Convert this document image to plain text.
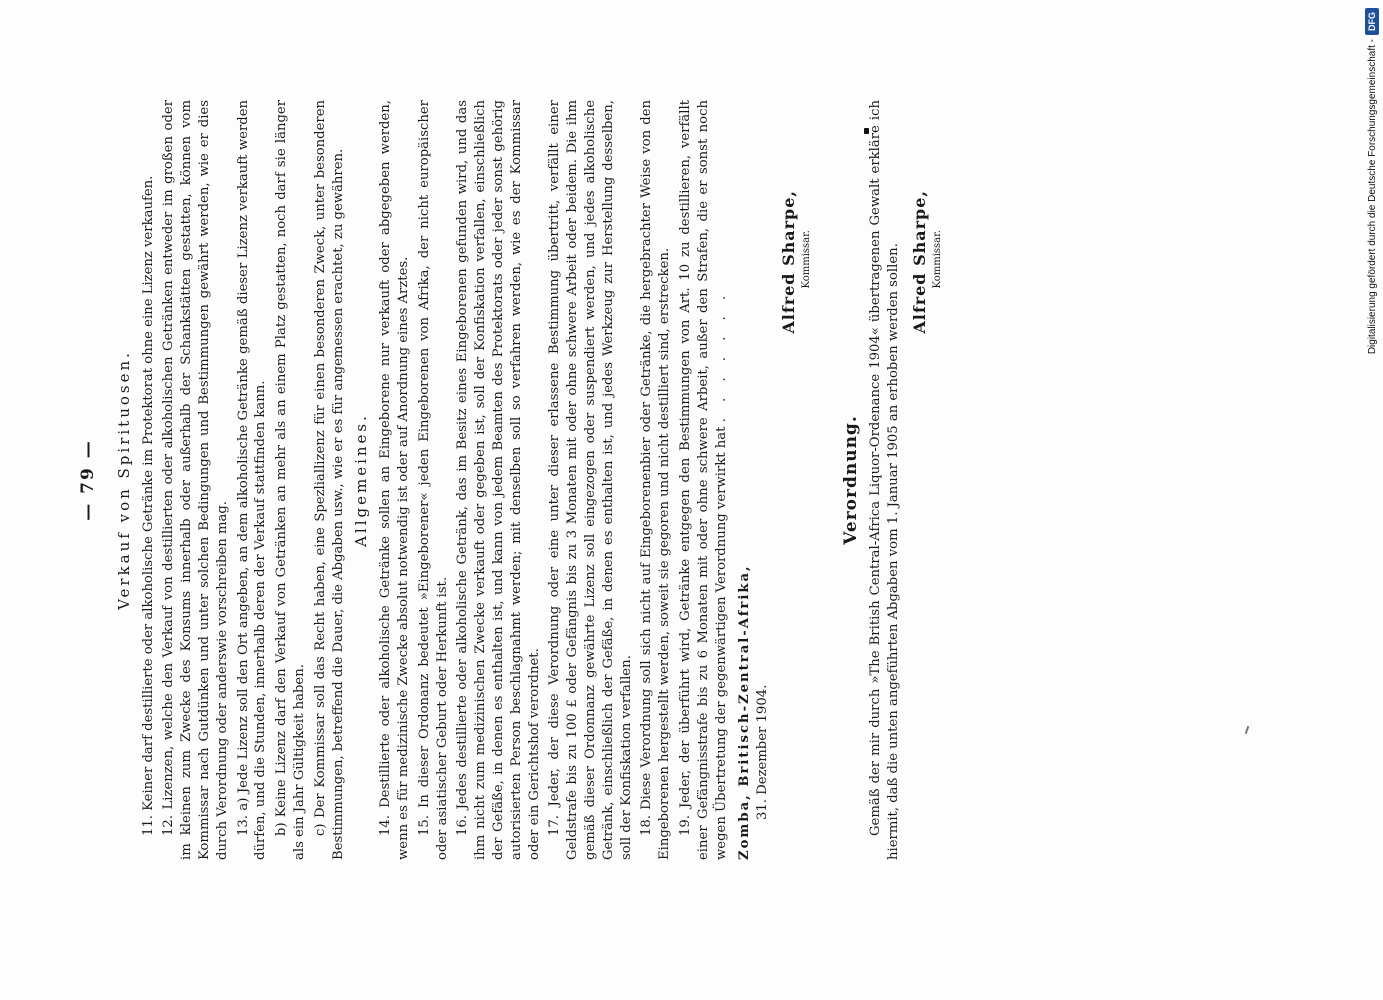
— 79 — Verkauf von Spirituosen. 11. Keiner darf destillierte oder alkoholische Getränke im Protektorat ohne eine Lizenz verkaufen. 12. Lizenzen, welche den Verkauf von destillierten oder alkoholischen Getränken entweder im großen oder im kleinen zum Zwecke des Konsums innerhalb oder außerhalb der Schankstätten gestatten, können vom Kommissar nach Gutdünken und unter solchen Bedingungen und Bestimmungen gewährt werden, wie er dies durch Verordnung oder anderswie vorschreiben mag. 13. a) Jede Lizenz soll den Ort angeben, an dem alkoholische Getränke gemäß dieser Lizenz verkauft werden dürfen, und die Stunden, innerhalb deren der Verkauf stattfinden kann. b) Keine Lizenz darf den Verkauf von Getränken an mehr als an einem Platz gestatten, noch darf sie länger als ein Jahr Gültigkeit haben. c) Der Kommissar soll das Recht haben, eine Spezliallizenz für einen besonderen Zweck, unter besonderen Bestimmungen, betreffend die Dauer, die Abgaben usw., wie er es für angemessen erachtet, zu gewähren. Allgemeines. 14. Destillierte oder alkoholische Getränke sollen an Eingeborene nur verkauft oder abgegeben werden, wenn es für medizinische Zwecke absolut notwendig ist oder auf Anordnung eines Arztes. 15. In dieser Ordonanz bedeutet »Eingeborener« jeden Eingeborenen von Afrika, der nicht europäischer oder asiatischer Geburt oder Herkunft ist. 16. Jedes destillierte oder alkoholische Getränk, das im Besitz eines Eingeborenen gefunden wird, und das ihm nicht zum medizinischen Zwecke verkauft oder gegeben ist, soll der Konfiskation verfallen, einschließlich der Gefäße, in denen es enthalten ist, und kann von jedem Beamten des Protektorats oder jeder sonst gehörig autorisierten Person beschlagnahmt werden; mit denselben soll so verfahren werden, wie es der Kommissar oder ein Gerichtshof verordnet. 17. Jeder, der diese Verordnung oder eine unter dieser erlassene Bestimmung übertritt, verfällt einer Geldstrafe bis zu 100 £ oder Gefängnis bis zu 3 Monaten mit oder ohne schwere Arbeit oder beidem. Die ihm gemäß dieser Ordonnanz gewährte Lizenz soll eingezogen oder suspendiert werden, und jedes alkoholische Getränk, einschließlich der Gefäße, in denen es enthalten ist, und jedes Werkzeug zur Herstellung desselben, soll der Konfiskation verfallen. 18. Diese Verordnung soll sich nicht auf Eingeborenenbier oder Getränke, die hergebrachter Weise von den Eingeborenen hergestellt werden, soweit sie gegoren und nicht destilliert sind, erstrecken. 19. Jeder, der überführt wird, Getränke entgegen den Bestimmungen von Art. 10 zu destillieren, verfällt einer Gefängnisstrafe bis zu 6 Monaten mit oder ohne schwere Arbeit, außer den Strafen, die er sonst noch wegen Übertretung der gegenwärtigen Verordnung verwirkt hat . . . . . . .

Zomba, Britisch-Zentral-Afrika, 31. Dezember 1904.
Alfred Sharpe, Kommissar.
Verordnung. Gemäß der mir durch »The British Central-Africa Liquor-Ordenance 1904« übertragenen Gewalt erkläre ich hiermit, daß die unten angeführten Abgaben vom 1. Januar 1905 an erhoben werden sollen. Alfred Sharpe, Kommissar.	Digitalisierung gefördert durch die Deutsche Forschungsgemeinschaft -DFG
